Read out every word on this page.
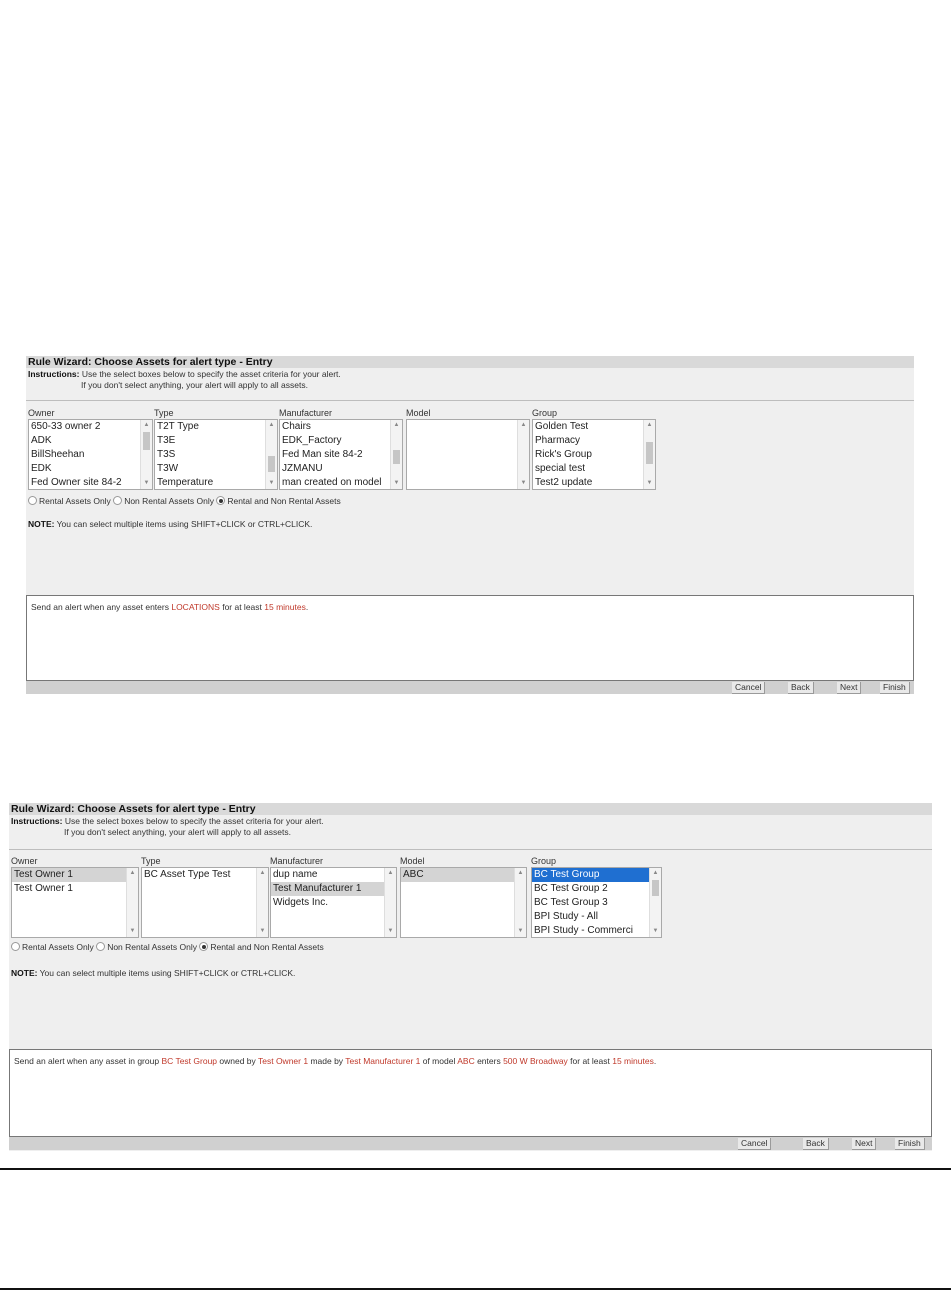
Rule Wizard: Choose Assets for alert type - Entry
Instructions: Use the select boxes below to specify the asset criteria for your alert.
If you don't select anything, your alert will apply to all assets.
Owner
650-33 owner 2
ADK
BillSheehan
EDK
Fed Owner site 84-2
▲
▼
Type
T2T Type
T3E
T3S
T3W
Temperature
▲
▼
Manufacturer
Chairs
EDK_Factory
Fed Man site 84-2
JZMANU
man created on model
▲
▼
Model
▲
▼
Group
Golden Test
Pharmacy
Rick's Group
special test
Test2 update
▲
▼
Rental Assets Only Non Rental Assets Only Rental and Non Rental Assets
NOTE: You can select multiple items using SHIFT+CLICK or CTRL+CLICK.
Send an alert when any asset enters LOCATIONS for at least 15 minutes.
Cancel	Back	Next	Finish
Rule Wizard: Choose Assets for alert type - Entry
Instructions: Use the select boxes below to specify the asset criteria for your alert.
If you don't select anything, your alert will apply to all assets.
Owner
Test Owner 1
Test Owner 1
▲
▼
Type
BC Asset Type Test	▲
▼
Manufacturer
dup name
Test Manufacturer 1
Widgets Inc.
▲
▼
Model
ABC	▲
▼
Group
BC Test Group
BC Test Group 2
BC Test Group 3
BPI Study - All
BPI Study - Commerci
▲
▼
Rental Assets Only Non Rental Assets Only Rental and Non Rental Assets
NOTE: You can select multiple items using SHIFT+CLICK or CTRL+CLICK.
Send an alert when any asset in group BC Test Group owned by Test Owner 1 made by Test Manufacturer 1 of model ABC enters 500 W Broadway for at least 15 minutes.
Cancel	Back	Next	Finish
